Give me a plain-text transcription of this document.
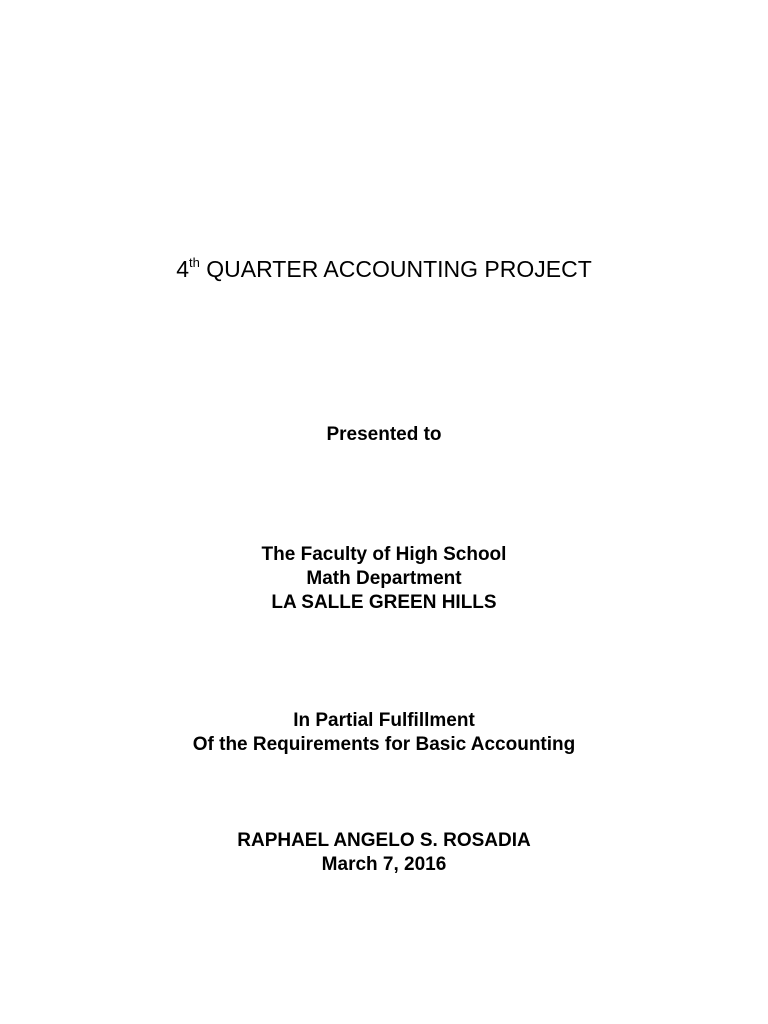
4th QUARTER ACCOUNTING PROJECT
Presented to
The Faculty of High School
Math Department
LA SALLE GREEN HILLS
In Partial Fulfillment
Of the Requirements for Basic Accounting
RAPHAEL ANGELO S. ROSADIA
March 7, 2016
